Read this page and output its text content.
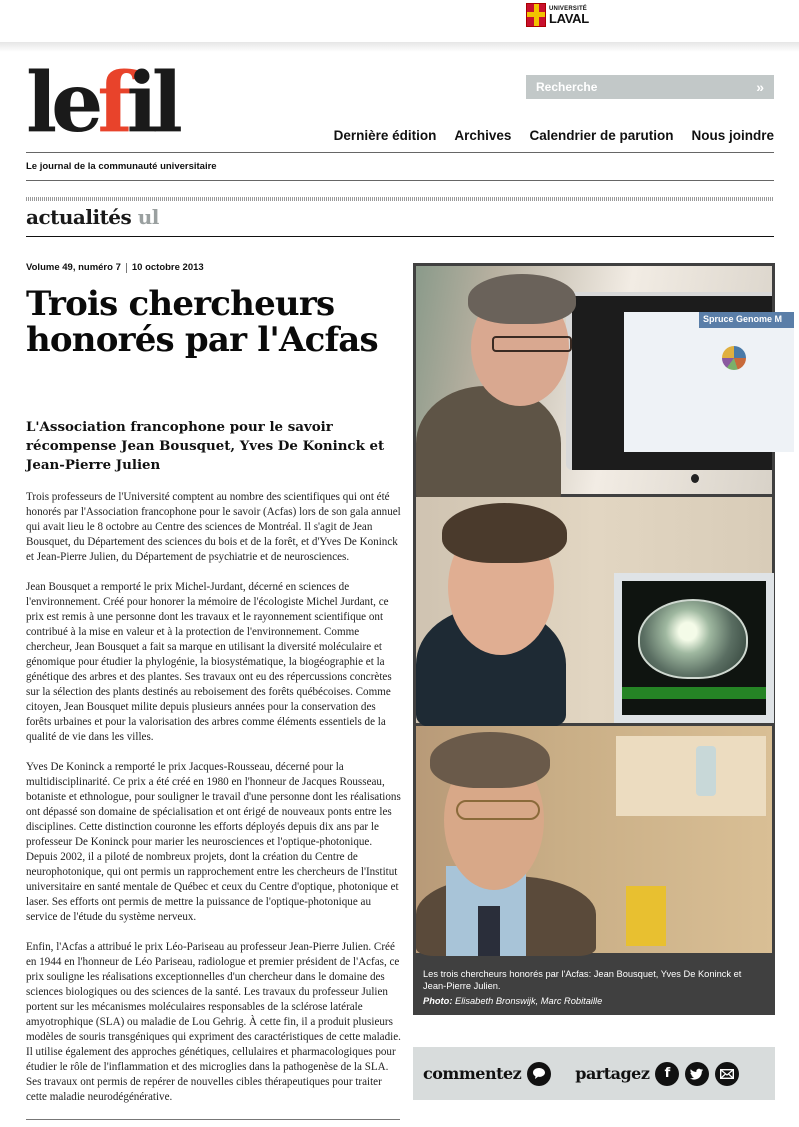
UNIVERSITÉ
LAVAL
lefil
Recherche	»
Dernière édition Archives Calendrier de parution Nous joindre
Le journal de la communauté universitaire
actualités ul
Volume 49, numéro 7 10 octobre 2013
Trois chercheurs honorés par l'Acfas
L'Association francophone pour le savoir récompense Jean Bousquet, Yves De Koninck et Jean-Pierre Julien

Trois professeurs de l'Université comptent au nombre des scientifiques qui ont été honorés par l'Association francophone pour le savoir (Acfas) lors de son gala annuel qui avait lieu le 8 octobre au Centre des sciences de Montréal. Il s'agit de Jean Bousquet, du Département des sciences du bois et de la forêt, et d'Yves De Koninck et Jean-Pierre Julien, du Département de psychiatrie et de neurosciences.

Jean Bousquet a remporté le prix Michel-Jurdant, décerné en sciences de l'environnement. Créé pour honorer la mémoire de l'écologiste Michel Jurdant, ce prix est remis à une personne dont les travaux et le rayonnement scientifique ont contribué à la mise en valeur et à la protection de l'environnement. Comme chercheur, Jean Bousquet a fait sa marque en utilisant la diversité moléculaire et génomique pour étudier la phylogénie, la biosystématique, la biogéographie et la génétique des arbres et des plantes. Ses travaux ont eu des répercussions concrètes sur la sélection des plants destinés au reboisement des forêts québécoises. Comme citoyen, Jean Bousquet milite depuis plusieurs années pour la conservation des forêts urbaines et pour la valorisation des arbres comme éléments essentiels de la qualité de vie dans les villes.

Yves De Koninck a remporté le prix Jacques-Rousseau, décerné pour la multidisciplinarité. Ce prix a été créé en 1980 en l'honneur de Jacques Rousseau, botaniste et ethnologue, pour souligner le travail d'une personne dont les réalisations ont dépassé son domaine de spécialisation et ont érigé de nouveaux ponts entre les disciplines. Cette distinction couronne les efforts déployés depuis dix ans par le professeur De Koninck pour marier les neurosciences et l'optique-photonique. Depuis 2002, il a piloté de nombreux projets, dont la création du Centre de neurophotonique, qui ont permis un rapprochement entre les chercheurs de l'Institut universitaire en santé mentale de Québec et ceux du Centre d'optique, photonique et laser. Ses efforts ont permis de mettre la puissance de l'optique-photonique au service de l'étude du système nerveux.

Enfin, l'Acfas a attribué le prix Léo-Pariseau au professeur Jean-Pierre Julien. Créé en 1944 en l'honneur de Léo Pariseau, radiologue et premier président de l'Acfas, ce prix souligne les réalisations exceptionnelles d'un chercheur dans le domaine des sciences biologiques ou des sciences de la santé. Les travaux du professeur Julien portent sur les mécanismes moléculaires responsables de la sclérose latérale amyotrophique (SLA) ou maladie de Lou Gehrig. À cette fin, il a produit plusieurs modèles de souris transgéniques qui expriment des caractéristiques de cette maladie. Il utilise également des approches génétiques, cellulaires et pharmacologiques pour étudier le rôle de l'inflammation et des microglies dans la pathogenèse de la SLA. Ses travaux ont permis de repérer de nouvelles cibles thérapeutiques pour traiter cette maladie neurodégénérative.

Spruce Genome M
Les trois chercheurs honorés par l'Acfas: Jean Bousquet, Yves De Koninck et Jean-Pierre Julien.
Photo: Elisabeth Bronswijk, Marc Robitaille
commentez	partagez	f
